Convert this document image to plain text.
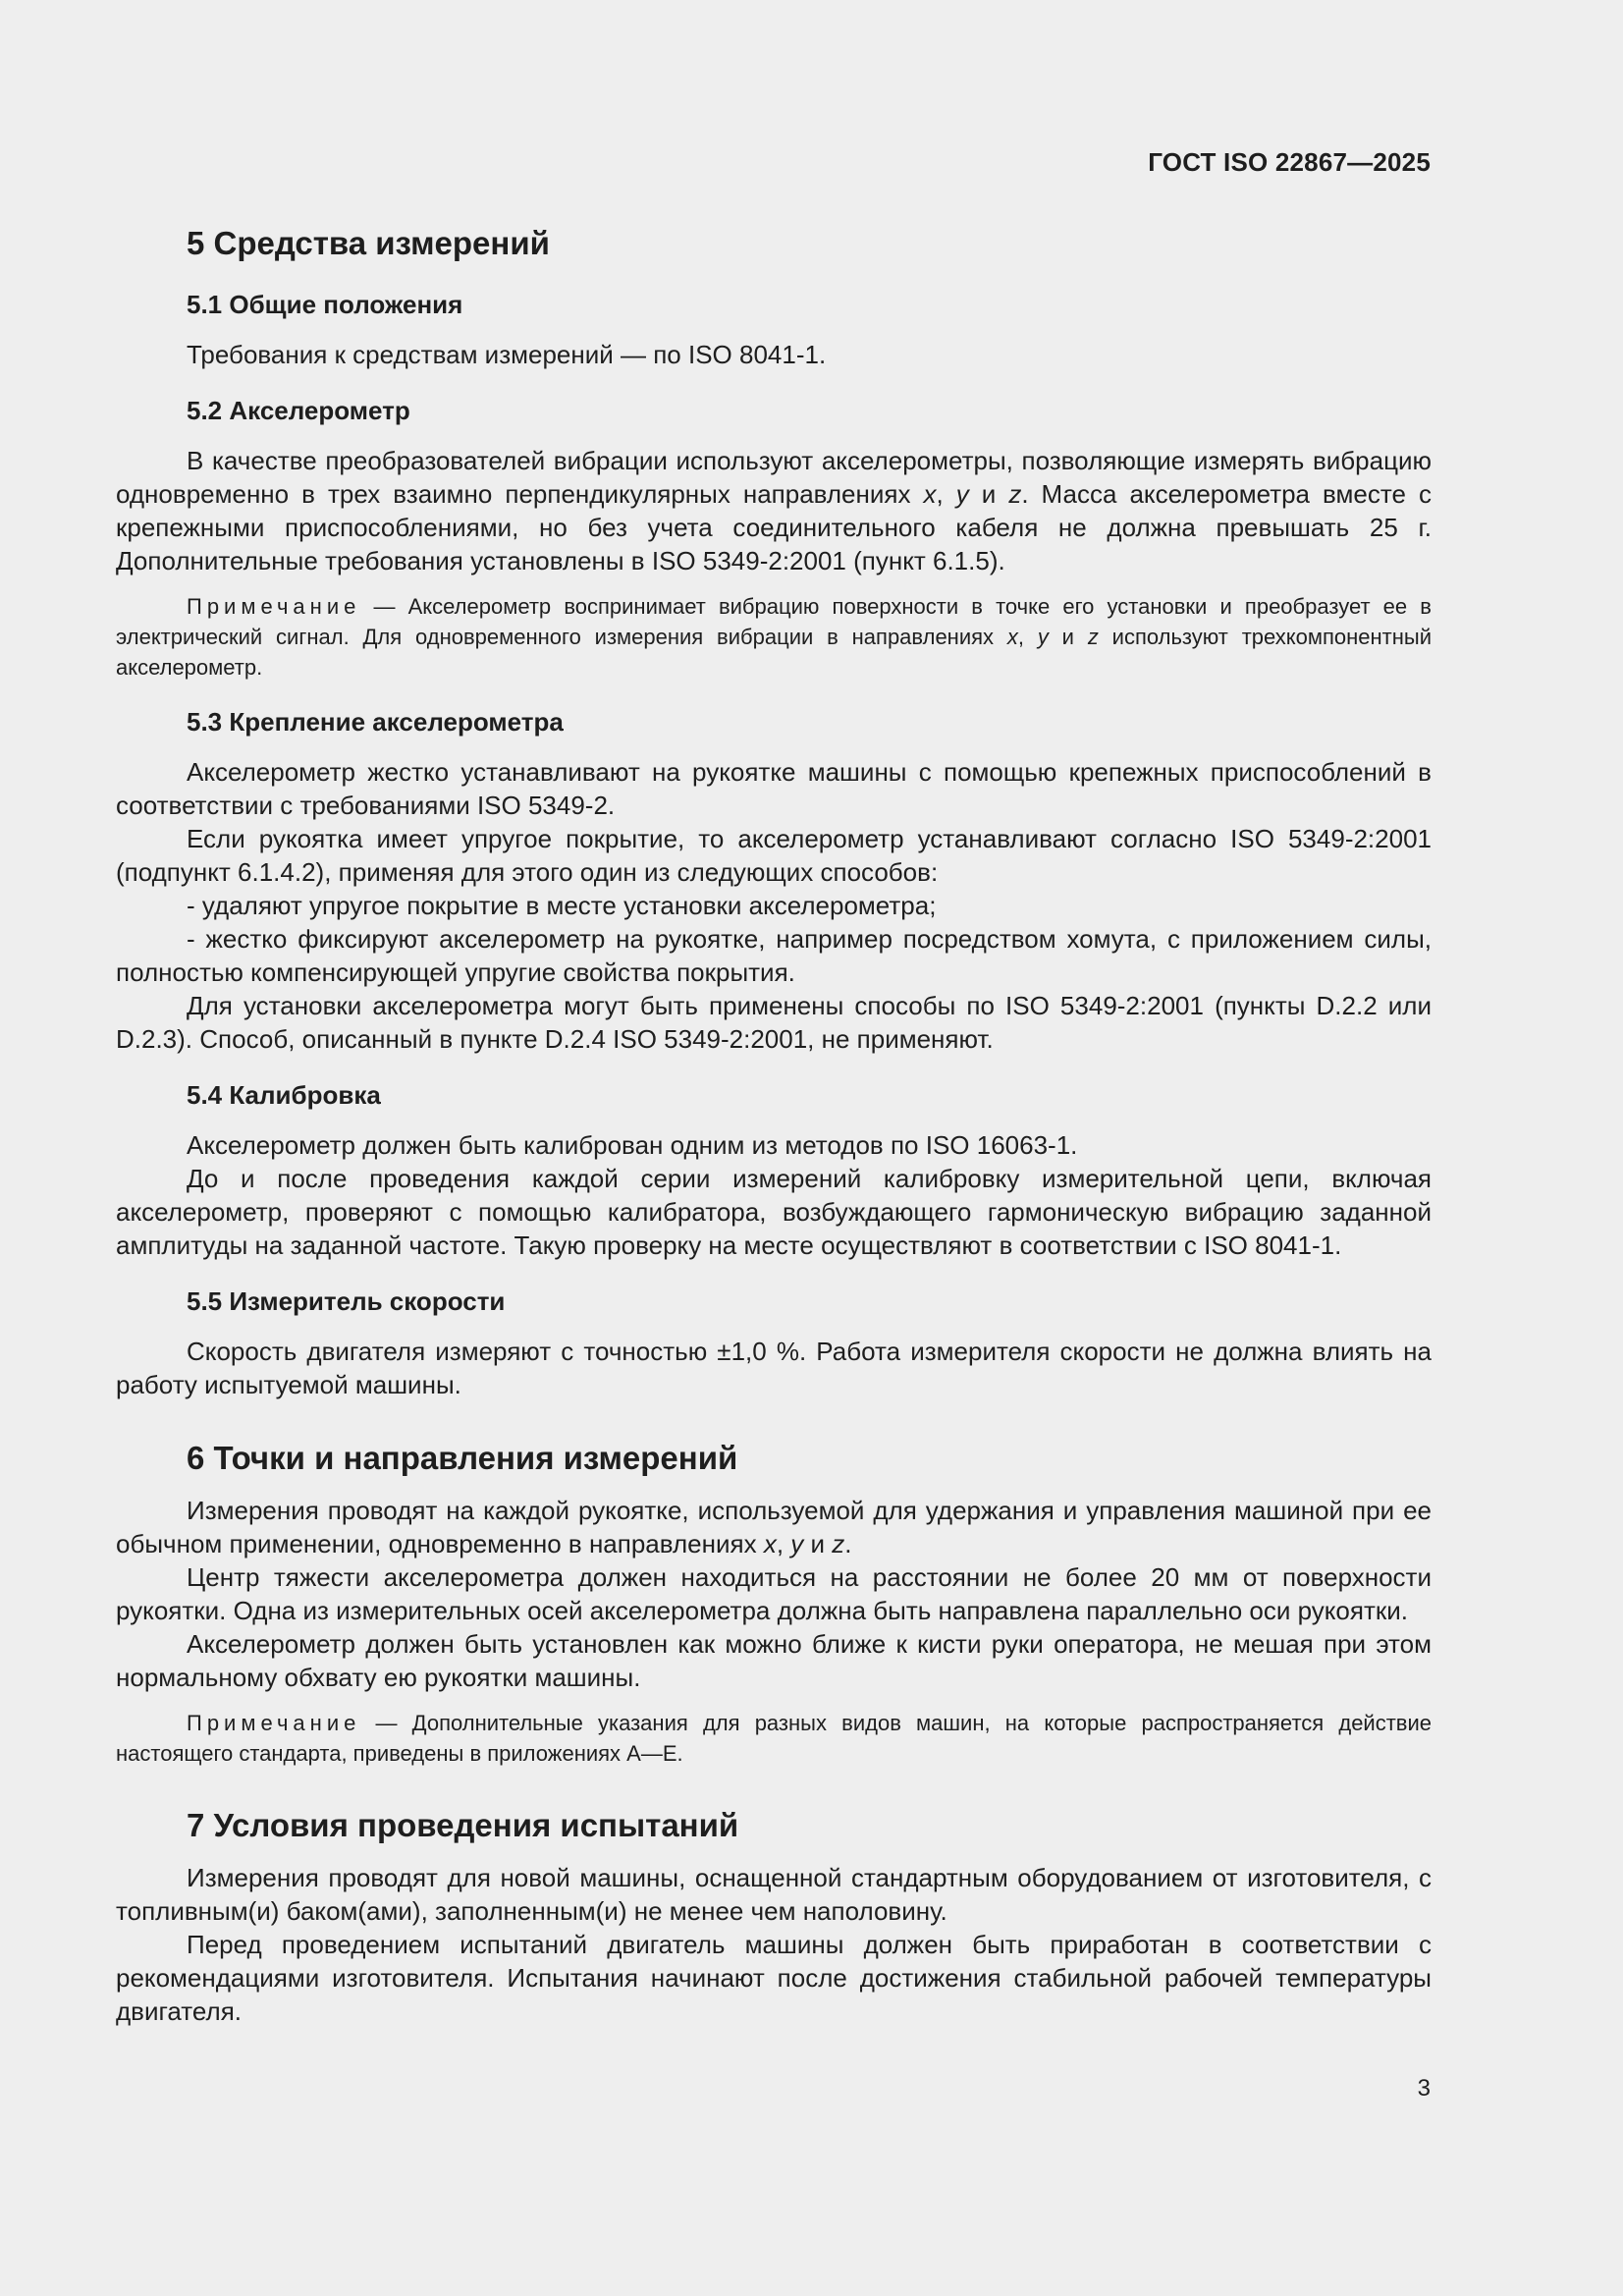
ГОСТ ISO 22867—2025
5 Средства измерений
5.1 Общие положения

Требования к средствам измерений — по ISO 8041-1.

5.2 Акселерометр

В качестве преобразователей вибрации используют акселерометры, позволяющие измерять вибрацию одновременно в трех взаимно перпендикулярных направлениях x, y и z. Масса акселерометра вместе с крепежными приспособлениями, но без учета соединительного кабеля не должна превышать 25 г. Дополнительные требования установлены в ISO 5349-2:2001 (пункт 6.1.5).

Примечание — Акселерометр воспринимает вибрацию поверхности в точке его установки и преобразует ее в электрический сигнал. Для одновременного измерения вибрации в направлениях x, y и z используют трехкомпонентный акселерометр.

5.3 Крепление акселерометра

Акселерометр жестко устанавливают на рукоятке машины с помощью крепежных приспособлений в соответствии с требованиями ISO 5349-2.

Если рукоятка имеет упругое покрытие, то акселерометр устанавливают согласно ISO 5349-2:2001 (подпункт 6.1.4.2), применяя для этого один из следующих способов:

- удаляют упругое покрытие в месте установки акселерометра;

- жестко фиксируют акселерометр на рукоятке, например посредством хомута, с приложением силы, полностью компенсирующей упругие свойства покрытия.

Для установки акселерометра могут быть применены способы по ISO 5349-2:2001 (пункты D.2.2 или D.2.3). Способ, описанный в пункте D.2.4 ISO 5349-2:2001, не применяют.

5.4 Калибровка

Акселерометр должен быть калиброван одним из методов по ISO 16063-1.

До и после проведения каждой серии измерений калибровку измерительной цепи, включая акселерометр, проверяют с помощью калибратора, возбуждающего гармоническую вибрацию заданной амплитуды на заданной частоте. Такую проверку на месте осуществляют в соответствии с ISO 8041-1.

5.5 Измеритель скорости

Скорость двигателя измеряют с точностью ±1,0 %. Работа измерителя скорости не должна влиять на работу испытуемой машины.

6 Точки и направления измерений

Измерения проводят на каждой рукоятке, используемой для удержания и управления машиной при ее обычном применении, одновременно в направлениях x, y и z.

Центр тяжести акселерометра должен находиться на расстоянии не более 20 мм от поверхности рукоятки. Одна из измерительных осей акселерометра должна быть направлена параллельно оси рукоятки.

Акселерометр должен быть установлен как можно ближе к кисти руки оператора, не мешая при этом нормальному обхвату ею рукоятки машины.

Примечание — Дополнительные указания для разных видов машин, на которые распространяется действие настоящего стандарта, приведены в приложениях А—Е.

7 Условия проведения испытаний

Измерения проводят для новой машины, оснащенной стандартным оборудованием от изготовителя, с топливным(и) баком(ами), заполненным(и) не менее чем наполовину.

Перед проведением испытаний двигатель машины должен быть приработан в соответствии с рекомендациями изготовителя. Испытания начинают после достижения стабильной рабочей температуры двигателя.

3
